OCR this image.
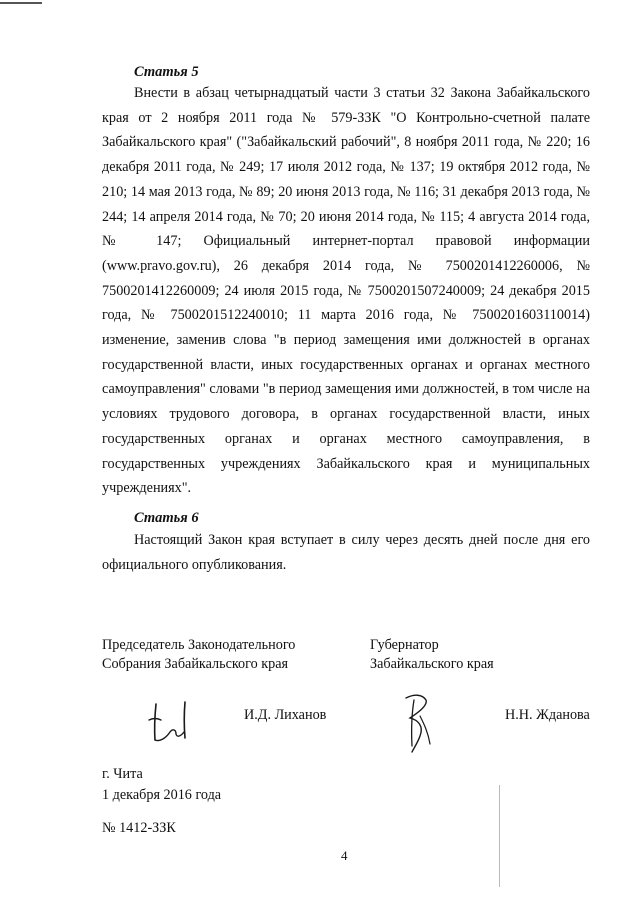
Статья 5

Внести в абзац четырнадцатый части 3 статьи 32 Закона Забайкальского края от 2 ноября 2011 года № 579-ЗЗК "О Контрольно-счетной палате Забайкальского края" ("Забайкальский рабочий", 8 ноября 2011 года, № 220; 16 декабря 2011 года, № 249; 17 июля 2012 года, № 137; 19 октября 2012 года, № 210; 14 мая 2013 года, № 89; 20 июня 2013 года, № 116; 31 декабря 2013 года, № 244; 14 апреля 2014 года, № 70; 20 июня 2014 года, № 115; 4 августа 2014 года, № 147; Официальный интернет-портал правовой информации (www.pravo.gov.ru), 26 декабря 2014 года, № 7500201412260006, № 7500201412260009; 24 июля 2015 года, № 7500201507240009; 24 декабря 2015 года, № 7500201512240010; 11 марта 2016 года, № 7500201603110014) изменение, заменив слова "в период замещения ими должностей в органах государственной власти, иных государственных органах и органах местного самоуправления" словами "в период замещения ими должностей, в том числе на условиях трудового договора, в органах государственной власти, иных государственных органах и органах местного самоуправления, в государственных учреждениях Забайкальского края и муниципальных учреждениях".

Статья 6

Настоящий Закон края вступает в силу через десять дней после дня его официального опубликования.

Председатель Законодательного

Собрания Забайкальского края

Губернатор

Забайкальского края

И.Д. Лиханов	Н.Н. Жданова

г. Чита

1 декабря 2016 года

№ 1412-ЗЗК

4
